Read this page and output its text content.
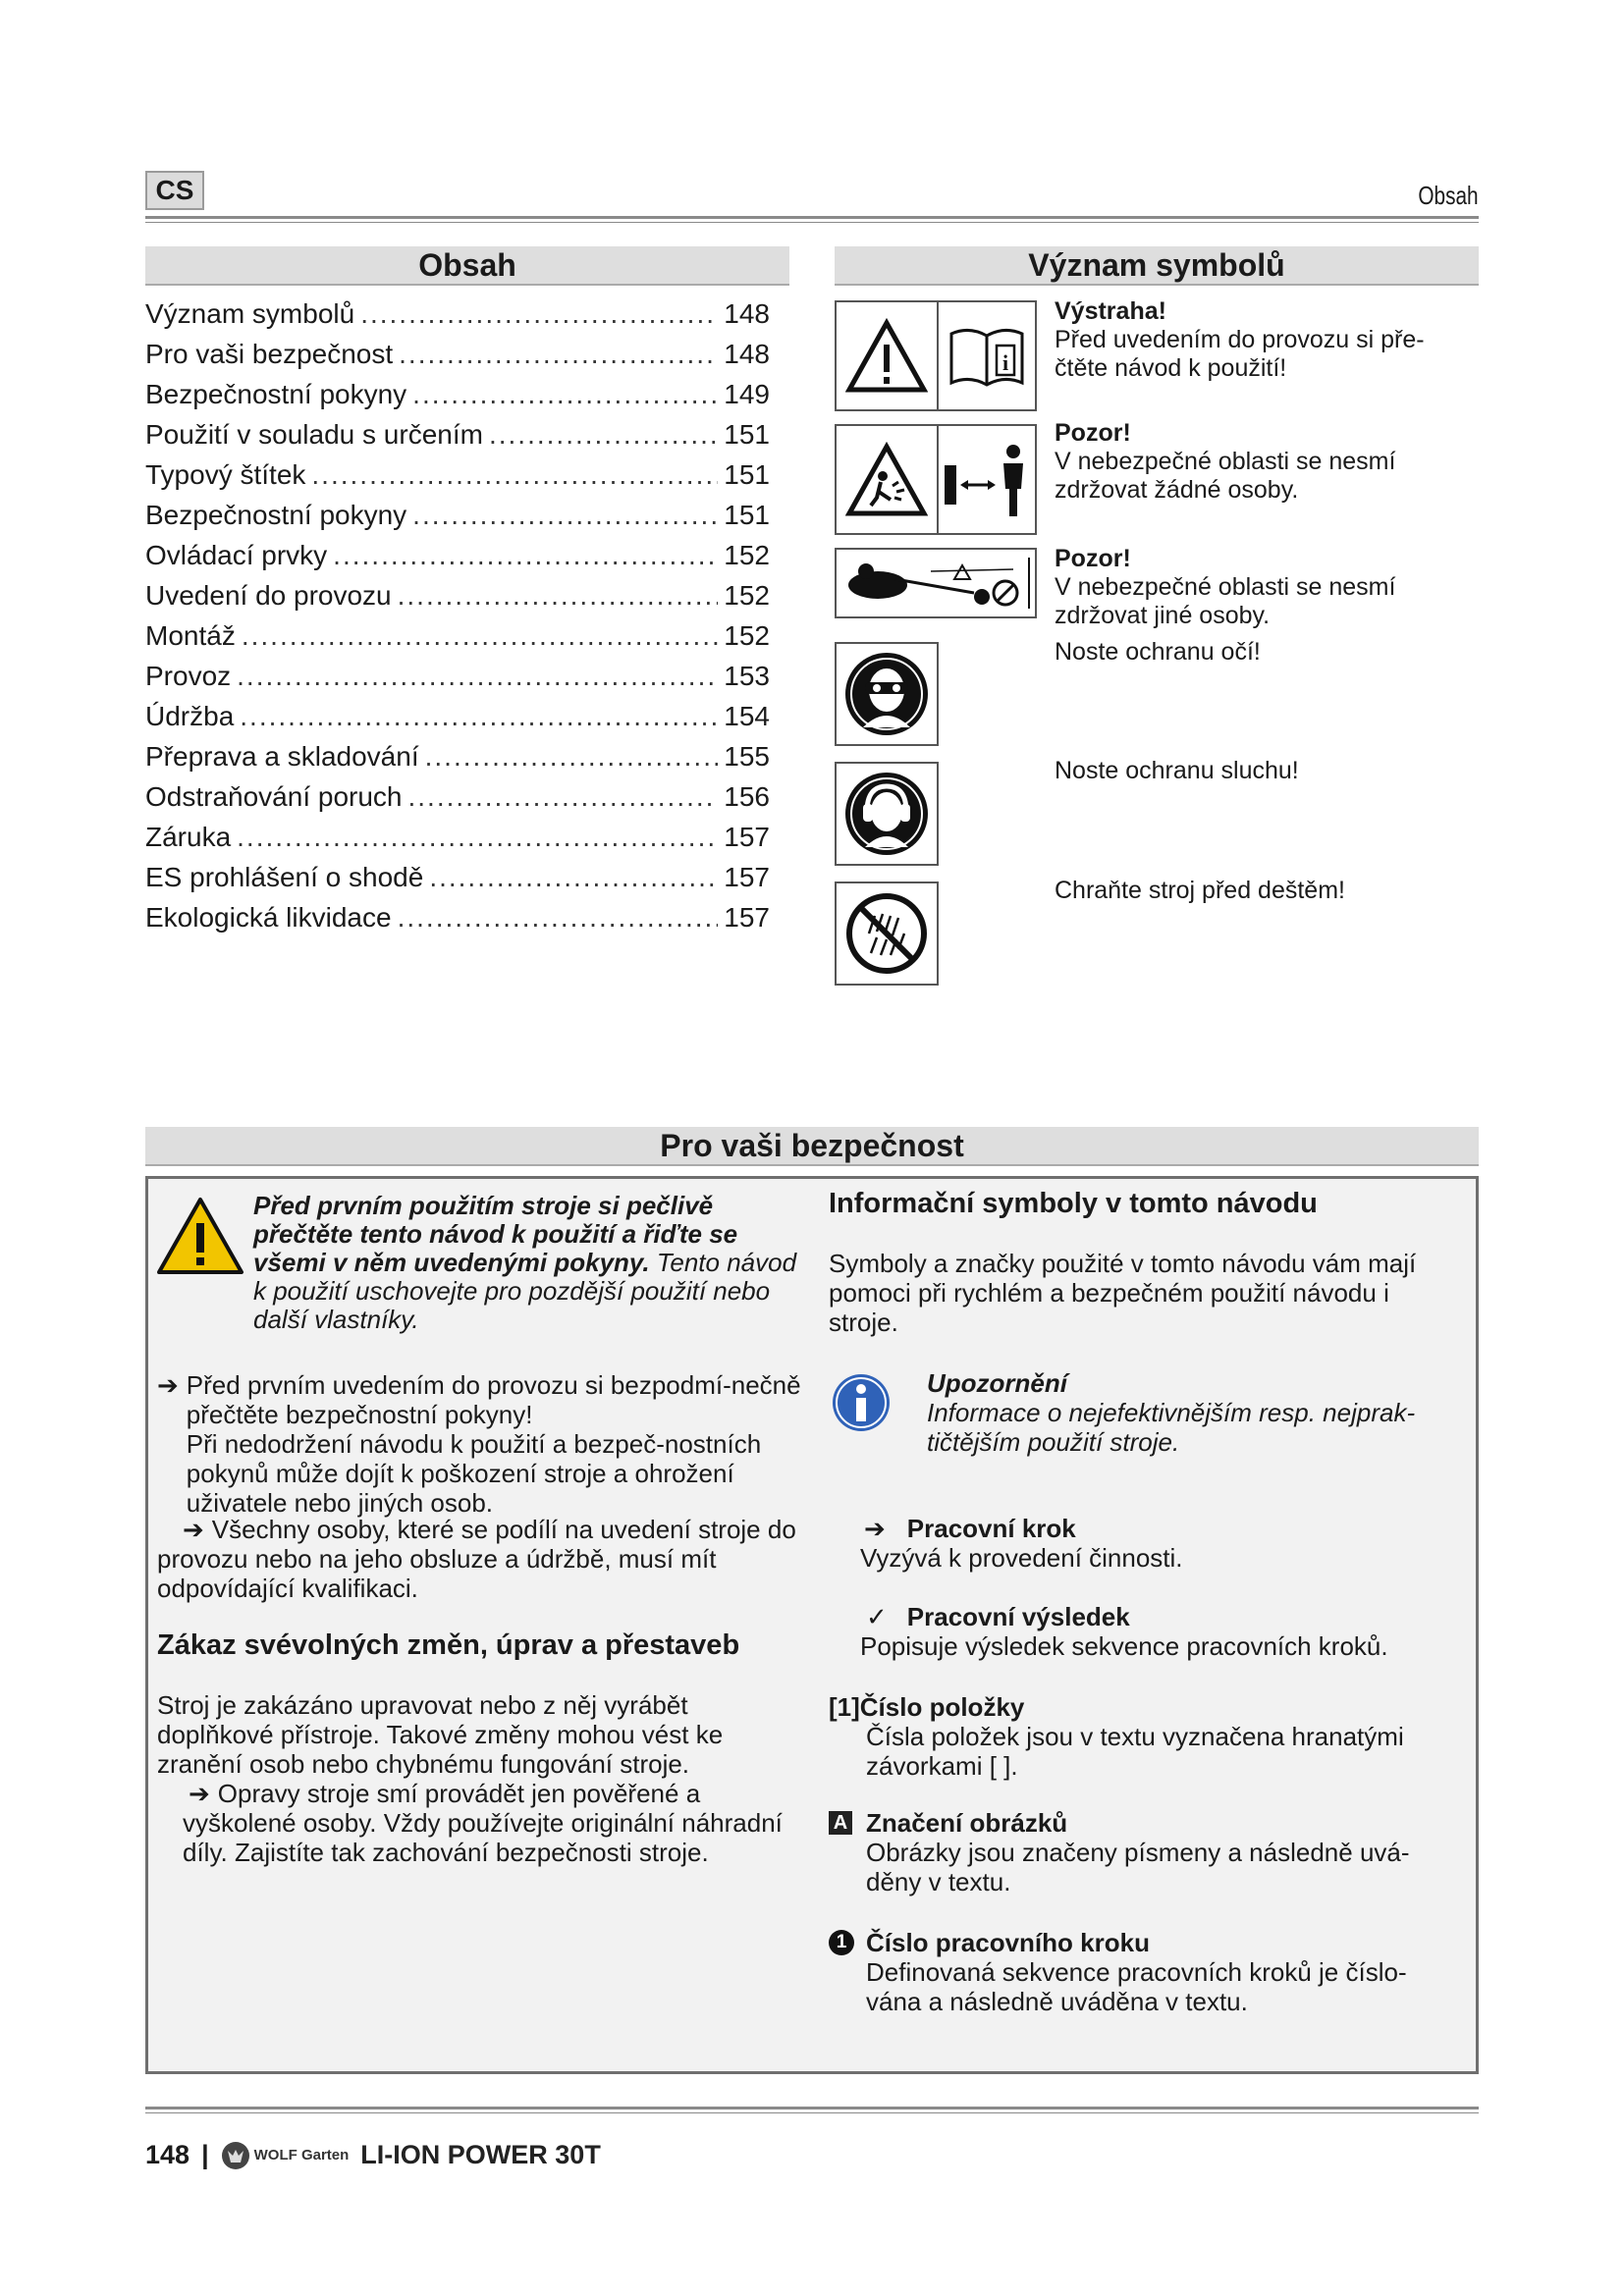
CS	Obsah
Obsah
Význam symbolů .....	148
Pro vaši bezpečnost .....	148
Bezpečnostní pokyny .....	149
Použití v souladu s určením .....	151
Typový štítek .....	151
Bezpečnostní pokyny .....	151
Ovládací prvky .....	152
Uvedení do provozu .....	152
Montáž .....	152
Provoz .....	153
Údržba .....	154
Přeprava a skladování .....	155
Odstraňování poruch .....	156
Záruka .....	157
ES prohlášení o shodě .....	157
Ekologická likvidace .....	157
Význam symbolů
i
Výstraha!
Před uvedením do provozu si pře-čtěte návod k použití!
Pozor!
V nebezpečné oblasti se nesmí zdržovat žádné osoby.
Pozor!
V nebezpečné oblasti se nesmí zdržovat jiné osoby.
Noste ochranu očí!
Noste ochranu sluchu!
Chraňte stroj před deštěm!
Pro vaši bezpečnost
Před prvním použitím stroje si pečlivě přečtěte tento návod k použití a řiďte se všemi v něm uvedenými pokyny. Tento návod k použití uschovejte pro pozdější použití nebo další vlastníky.
➔ Před prvním uvedením do provozu si bezpodmí-nečně přečtěte bezpečnostní pokyny!
Při nedodržení návodu k použití a bezpeč-nostních pokynů může dojít k poškození stroje a ohrožení uživatele nebo jiných osob.
➔ Všechny osoby, které se podílí na uvedení stroje do provozu nebo na jeho obsluze a údržbě, musí mít odpovídající kvalifikaci.
Zákaz svévolných změn, úprav a přestaveb
Stroj je zakázáno upravovat nebo z něj vyrábět doplňkové přístroje. Takové změny mohou vést ke zranění osob nebo chybnému fungování stroje.
➔ Opravy stroje smí provádět jen pověřené a vyškolené osoby. Vždy používejte originální náhradní díly. Zajistíte tak zachování bezpečnosti stroje.
Informační symboly v tomto návodu
Symboly a značky použité v tomto návodu vám mají pomoci při rychlém a bezpečném použití návodu i stroje.
Upozornění
Informace o nejefektivnějším resp. nejprak-tičtějším použití stroje.
➔ Pracovní krok
Vyzývá k provedení činnosti.
✓ Pracovní výsledek
Popisuje výsledek sekvence pracovních kroků.
[1]Číslo položky
Čísla položek jsou v textu vyznačena hranatými závorkami [ ].
A Značení obrázků
Obrázky jsou značeny písmeny a následně uvá-děny v textu.
1 Číslo pracovního kroku
Definovaná sekvence pracovních kroků je číslo-vána a následně uváděna v textu.
148 |	WOLF Garten LI-ION POWER 30T
